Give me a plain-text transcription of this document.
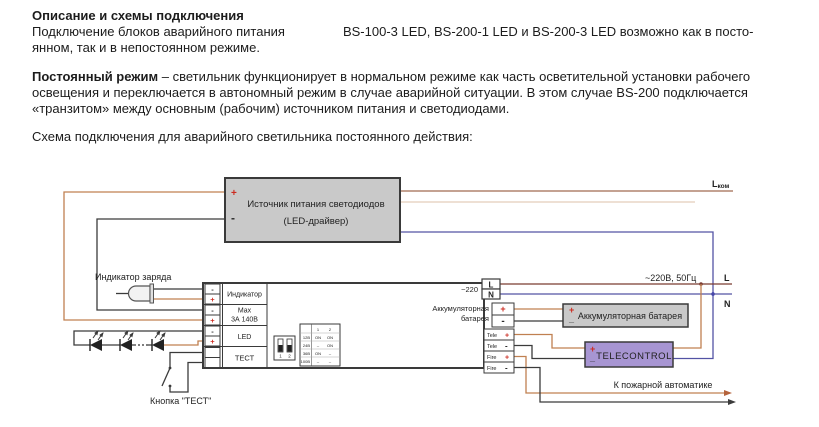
Описание и схемы подключения
Подключение блоков аварийного питания	BS-100-3 LED, BS-200-1 LED и BS-200-3 LED возможно как в посто-
янном, так и в непостоянном режиме.
Постоянный режим – светильник функционирует в нормальном режиме как часть осветительной установки рабочего
освещения и переключается в автономный режим в случае аварийной ситуации. В этом случае BS-200 подключается
«транзитом» между основным (рабочим) источником питания и светодиодами.
Схема подключения для аварийного светильника постоянного действия:
+
-
Источник питания светодиодов
(LED-драйвер)
-
+
-
+
-
+
Индикатор
Мах
3А 140В
LED
ТЕСТ	1 2
1 2
12В ON ON
24В – ON
36В ON –
100В – –
~220
Аккумуляторная
батарея
L
N
+
-
Tele +
Tele -
Fire +
Fire -
+
_ Аккумуляторная батарея
+
_ TELECONTROL
Индикатор заряда
Кнопка "ТЕСТ"
~220В, 50Гц	L
N
Lком
К пожарной автоматике
